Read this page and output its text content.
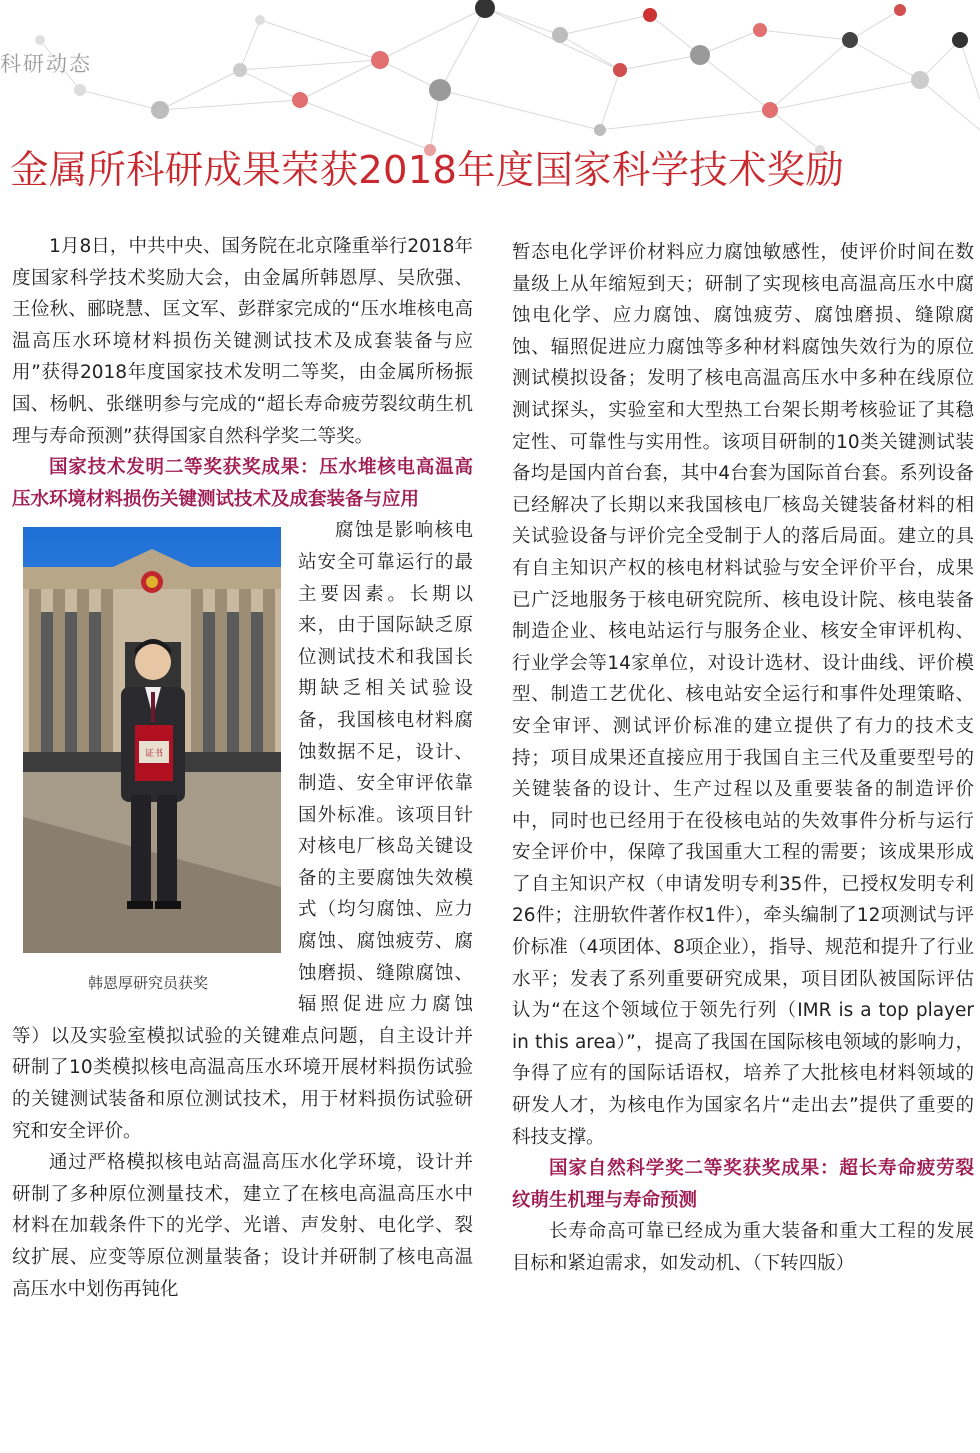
科研动态
金属所科研成果荣获2018年度国家科学技术奖励

1月8日，中共中央、国务院在北京隆重举行2018年度国家科学技术奖励大会，由金属所韩恩厚、吴欣强、王俭秋、郦晓慧、匡文军、彭群家完成的“压水堆核电高温高压水环境材料损伤关键测试技术及成套装备与应用”获得2018年度国家技术发明二等奖，由金属所杨振国、杨帆、张继明参与完成的“超长寿命疲劳裂纹萌生机理与寿命预测”获得国家自然科学奖二等奖。

国家技术发明二等奖获奖成果：压水堆核电高温高压水环境材料损伤关键测试技术及成套装备与应用

证书
韩恩厚研究员获奖

腐蚀是影响核电站安全可靠运行的最主要因素。长期以来，由于国际缺乏原位测试技术和我国长期缺乏相关试验设备，我国核电材料腐蚀数据不足，设计、制造、安全审评依靠国外标准。该项目针对核电厂核岛关键设备的主要腐蚀失效模式（均匀腐蚀、应力腐蚀、腐蚀疲劳、腐蚀磨损、缝隙腐蚀、辐照促进应力腐蚀等）以及实验室模拟试验的关键难点问题，自主设计并研制了10类模拟核电高温高压水环境开展材料损伤试验的关键测试装备和原位测试技术，用于材料损伤试验研究和安全评价。

通过严格模拟核电站高温高压水化学环境，设计并研制了多种原位测量技术，建立了在核电高温高压水中材料在加载条件下的光学、光谱、声发射、电化学、裂纹扩展、应变等原位测量装备；设计并研制了核电高温高压水中划伤再钝化

暂态电化学评价材料应力腐蚀敏感性，使评价时间在数量级上从年缩短到天；研制了实现核电高温高压水中腐蚀电化学、应力腐蚀、腐蚀疲劳、腐蚀磨损、缝隙腐蚀、辐照促进应力腐蚀等多种材料腐蚀失效行为的原位测试模拟设备；发明了核电高温高压水中多种在线原位测试探头，实验室和大型热工台架长期考核验证了其稳定性、可靠性与实用性。该项目研制的10类关键测试装备均是国内首台套，其中4台套为国际首台套。系列设备已经解决了长期以来我国核电厂核岛关键装备材料的相关试验设备与评价完全受制于人的落后局面。建立的具有自主知识产权的核电材料试验与安全评价平台，成果已广泛地服务于核电研究院所、核电设计院、核电装备制造企业、核电站运行与服务企业、核安全审评机构、行业学会等14家单位，对设计选材、设计曲线、评价模型、制造工艺优化、核电站安全运行和事件处理策略、安全审评、测试评价标准的建立提供了有力的技术支持；项目成果还直接应用于我国自主三代及重要型号的关键装备的设计、生产过程以及重要装备的制造评价中，同时也已经用于在役核电站的失效事件分析与运行安全评价中，保障了我国重大工程的需要；该成果形成了自主知识产权（申请发明专利35件，已授权发明专利26件；注册软件著作权1件），牵头编制了12项测试与评价标准（4项团体、8项企业），指导、规范和提升了行业水平；发表了系列重要研究成果，项目团队被国际评估认为“在这个领域位于领先行列（IMR is a top player in this area）”，提高了我国在国际核电领域的影响力，争得了应有的国际话语权，培养了大批核电材料领域的研发人才，为核电作为国家名片“走出去”提供了重要的科技支撑。

国家自然科学奖二等奖获奖成果：超长寿命疲劳裂纹萌生机理与寿命预测

长寿命高可靠已经成为重大装备和重大工程的发展目标和紧迫需求，如发动机、（下转四版）
